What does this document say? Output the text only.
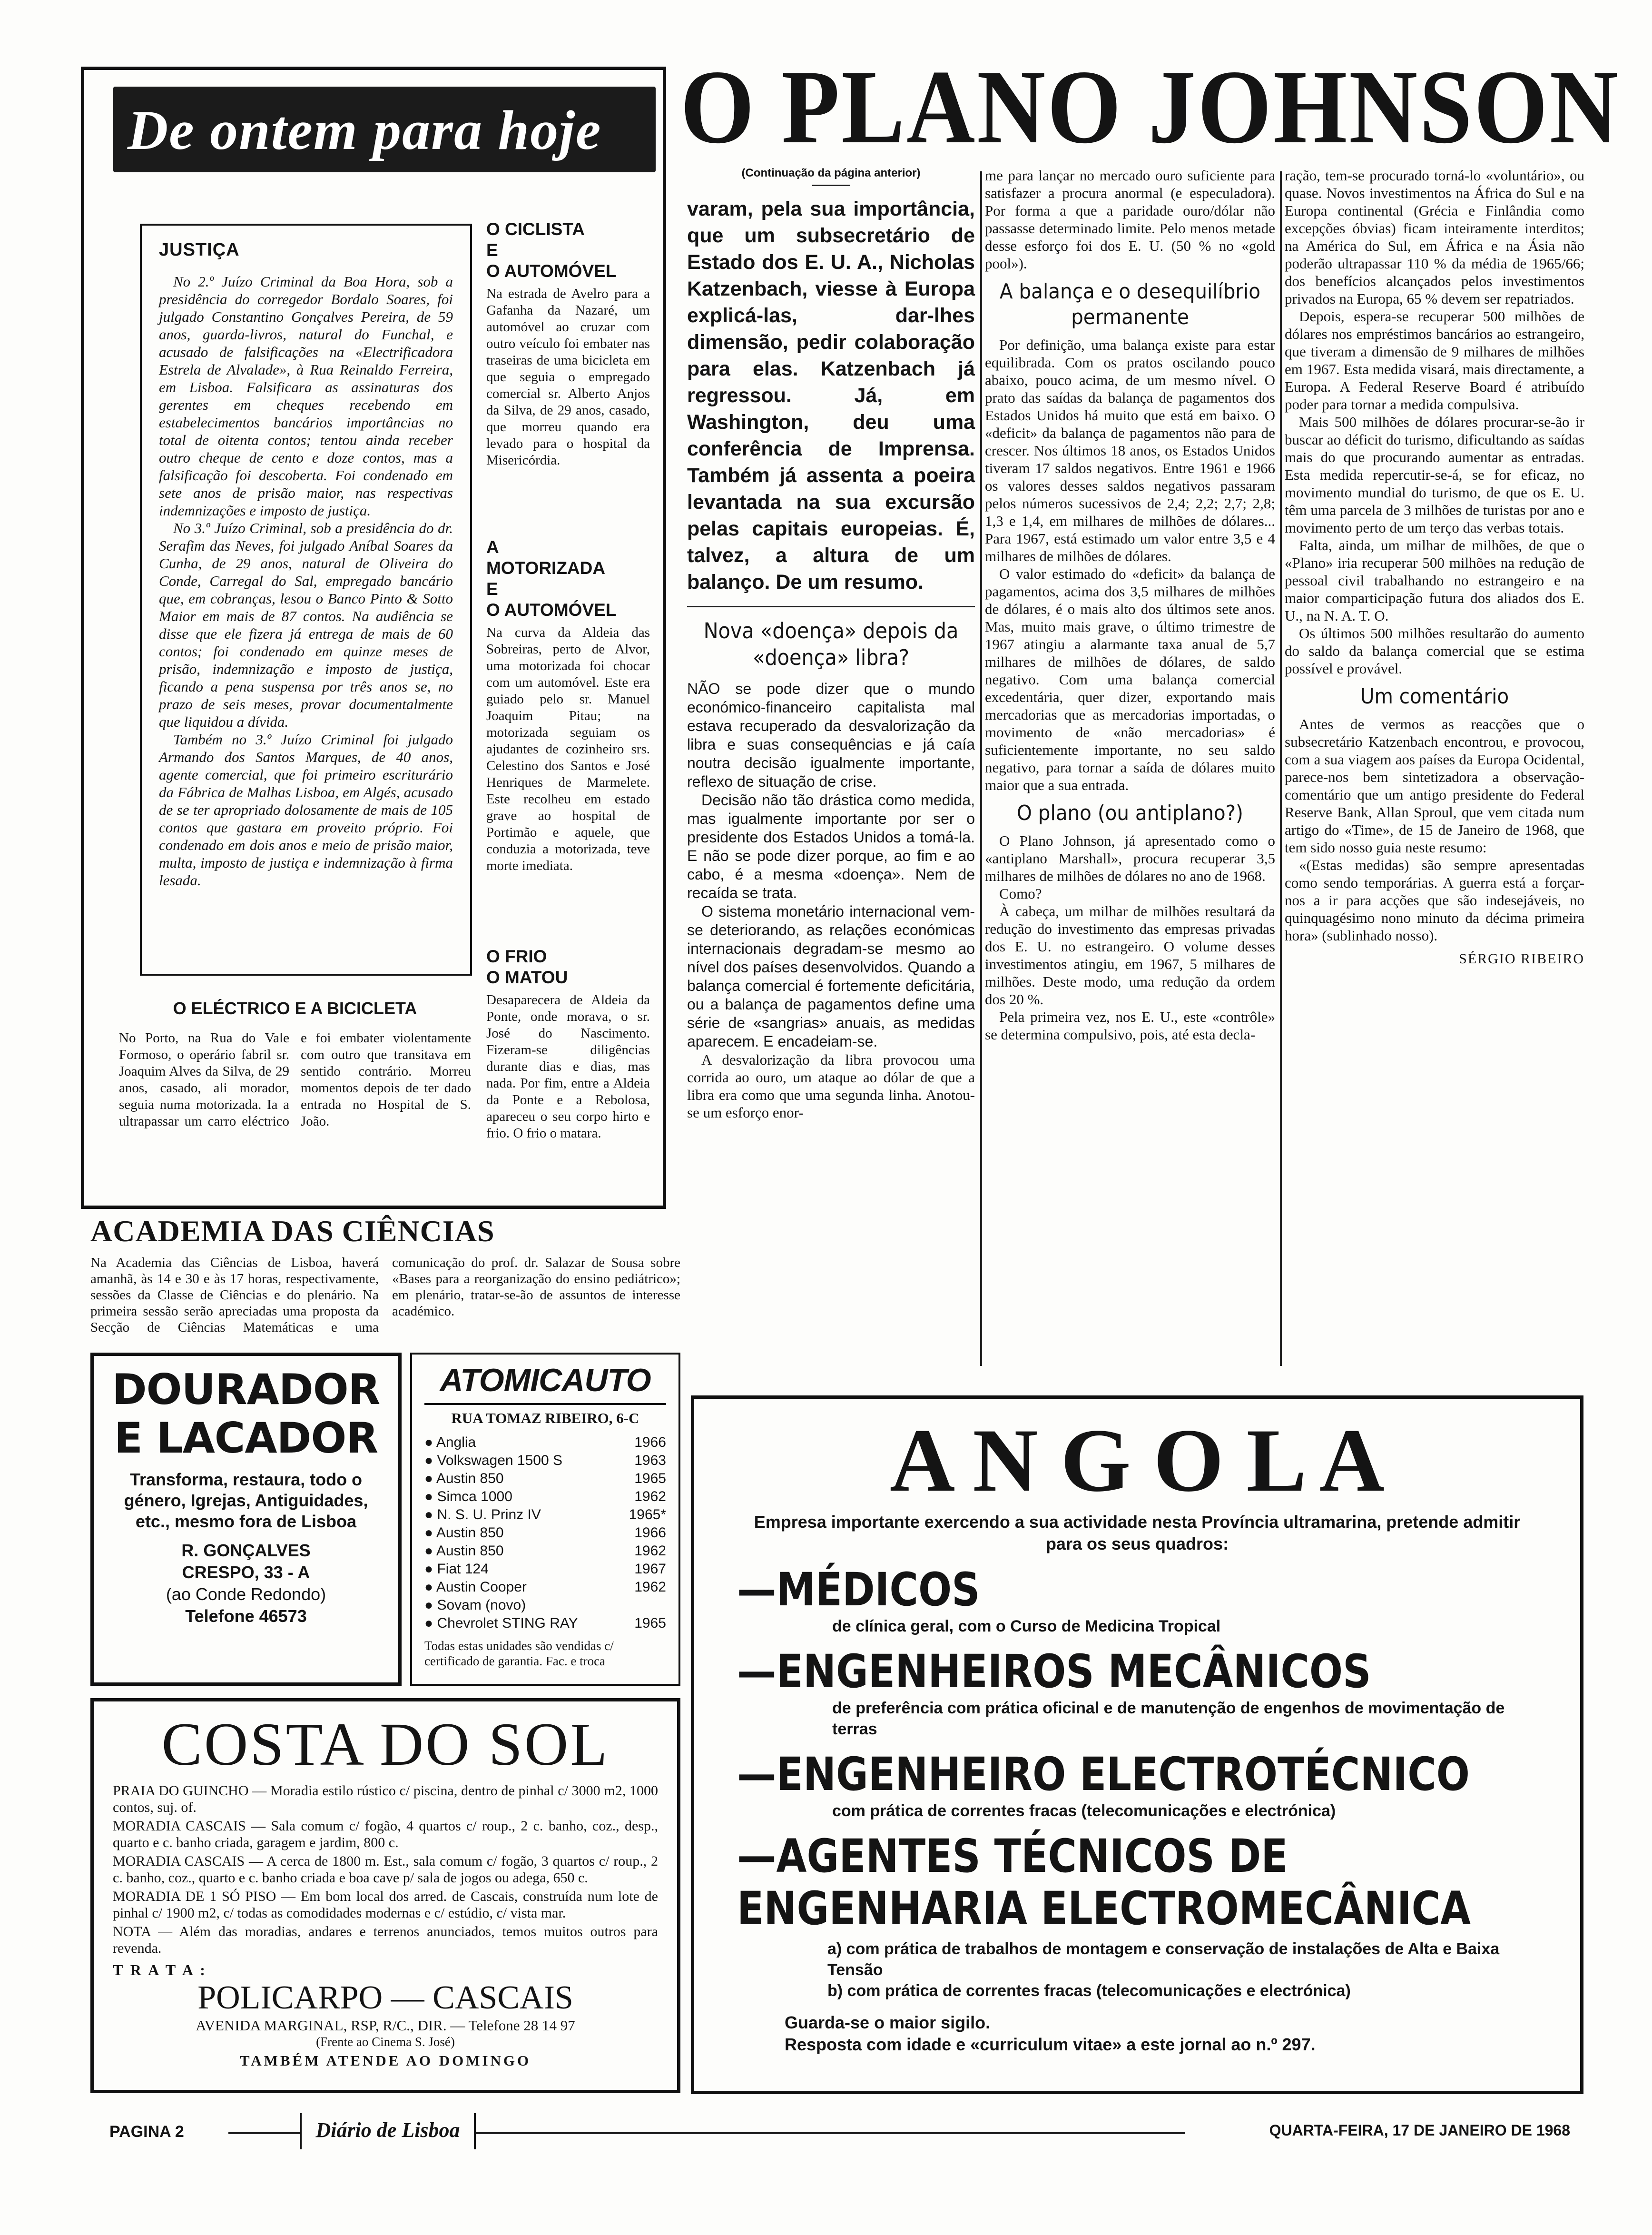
De ontem para hoje
JUSTIÇA

No 2.º Juízo Criminal da Boa Hora, sob a presidência do corregedor Bordalo Soares, foi julgado Constantino Gonçalves Pereira, de 59 anos, guarda-livros, natural do Funchal, e acusado de falsificações na «Electrificadora Estrela de Alvalade», à Rua Reinaldo Ferreira, em Lisboa. Falsificara as assinaturas dos gerentes em cheques recebendo em estabelecimentos bancários importâncias no total de oitenta contos; tentou ainda receber outro cheque de cento e doze contos, mas a falsificação foi descoberta. Foi condenado em sete anos de prisão maior, nas respectivas indemnizações e imposto de justiça.

No 3.º Juízo Criminal, sob a presidência do dr. Serafim das Neves, foi julgado Aníbal Soares da Cunha, de 29 anos, natural de Oliveira do Conde, Carregal do Sal, empregado bancário que, em cobranças, lesou o Banco Pinto & Sotto Maior em mais de 87 contos. Na audiência se disse que ele fizera já entrega de mais de 60 contos; foi condenado em quinze meses de prisão, indemnização e imposto de justiça, ficando a pena suspensa por três anos se, no prazo de seis meses, provar documentalmente que liquidou a dívida.

Também no 3.º Juízo Criminal foi julgado Armando dos Santos Marques, de 40 anos, agente comercial, que foi primeiro escriturário da Fábrica de Malhas Lisboa, em Algés, acusado de se ter apropriado dolosamente de mais de 105 contos que gastara em proveito próprio. Foi condenado em dois anos e meio de prisão maior, multa, imposto de justiça e indemnização à firma lesada.

O CICLISTA
E
O AUTOMÓVEL

Na estrada de Avelro para a Gafanha da Nazaré, um automóvel ao cruzar com outro veículo foi embater nas traseiras de uma bicicleta em que seguia o empregado comercial sr. Alberto Anjos da Silva, de 29 anos, casado, que morreu quando era levado para o hospital da Misericórdia.

A
MOTORIZADA
E
O AUTOMÓVEL

Na curva da Aldeia das Sobreiras, perto de Alvor, uma motorizada foi chocar com um automóvel. Este era guiado pelo sr. Manuel Joaquim Pitau; na motorizada seguiam os ajudantes de cozinheiro srs. Celestino dos Santos e José Henriques de Marmelete. Este recolheu em estado grave ao hospital de Portimão e aquele, que conduzia a motorizada, teve morte imediata.

O FRIO
O MATOU

Desaparecera de Aldeia da Ponte, onde morava, o sr. José do Nascimento. Fizeram-se diligências durante dias e dias, mas nada. Por fim, entre a Aldeia da Ponte e a Rebolosa, apareceu o seu corpo hirto e frio. O frio o matara.

O ELÉCTRICO E A BICICLETA

No Porto, na Rua do Vale Formoso, o operário fabril sr. Joaquim Alves da Silva, de 29 anos, casado, ali morador, seguia numa motorizada. Ia a ultrapassar um carro eléctrico e foi embater violentamente com outro que transitava em sentido contrário. Morreu momentos depois de ter dado entrada no Hospital de S. João.

ACADEMIA DAS CIÊNCIAS

Na Academia das Ciências de Lisboa, haverá amanhã, às 14 e 30 e às 17 horas, respectivamente, sessões da Classe de Ciências e do plenário. Na primeira sessão serão apreciadas uma proposta da Secção de Ciências Matemáticas e uma comunicação do prof. dr. Salazar de Sousa sobre «Bases para a reorganização do ensino pediátrico»; em plenário, tratar-se-ão de assuntos de interesse académico.

DOURADOR
E LACADOR
Transforma, restaura, todo o género, Igrejas, Antiguidades, etc., mesmo fora de Lisboa
R. GONÇALVES
CRESPO, 33 - A
(ao Conde Redondo)
Telefone 46573
ATOMICAUTO
RUA TOMAZ RIBEIRO, 6-C
● Anglia	1966
● Volkswagen 1500 S	1963
● Austin 850	1965
● Simca 1000	1962
● N. S. U. Prinz IV	1965*
● Austin 850	1966
● Austin 850	1962
● Fiat 124	1967
● Austin Cooper	1962
● Sovam (novo)
● Chevrolet STING RAY	1965
Todas estas unidades são vendidas c/ certificado de garantia. Fac. e troca
COSTA DO SOL

PRAIA DO GUINCHO — Moradia estilo rústico c/ piscina, dentro de pinhal c/ 3000 m2, 1000 contos, suj. of.

MORADIA CASCAIS — Sala comum c/ fogão, 4 quartos c/ roup., 2 c. banho, coz., desp., quarto e c. banho criada, garagem e jardim, 800 c.

MORADIA CASCAIS — A cerca de 1800 m. Est., sala comum c/ fogão, 3 quartos c/ roup., 2 c. banho, coz., quarto e c. banho criada e boa cave p/ sala de jogos ou adega, 650 c.

MORADIA DE 1 SÓ PISO — Em bom local dos arred. de Cascais, construída num lote de pinhal c/ 1900 m2, c/ todas as comodidades modernas e c/ estúdio, c/ vista mar.

NOTA — Além das moradias, andares e terrenos anunciados, temos muitos outros para revenda.

T R A T A :
POLICARPO — CASCAIS
AVENIDA MARGINAL, RSP, R/C., DIR. — Telefone 28 14 97
(Frente ao Cinema S. José)
TAMBÉM ATENDE AO DOMINGO
O PLANO JOHNSON
(Continuação da página anterior)

varam, pela sua importância, que um subsecretário de Estado dos E. U. A., Nicholas Katzenbach, viesse à Europa explicá-las, dar-lhes dimensão, pedir colaboração para elas. Katzenbach já regressou. Já, em Washington, deu uma conferência de Imprensa. Também já assenta a poeira levantada na sua excursão pelas capitais europeias. É, talvez, a altura de um balanço. De um resumo.

Nova «doença» depois da «doença» libra?

NÃO se pode dizer que o mundo económico-financeiro capitalista mal estava recuperado da desvalorização da libra e suas consequências e já caía noutra decisão igualmente importante, reflexo de situação de crise.

Decisão não tão drástica como medida, mas igualmente importante por ser o presidente dos Estados Unidos a tomá-la. E não se pode dizer porque, ao fim e ao cabo, é a mesma «doença». Nem de recaída se trata.

O sistema monetário internacional vem-se deteriorando, as relações económicas internacionais degradam-se mesmo ao nível dos países desenvolvidos. Quando a balança comercial é fortemente deficitária, ou a balança de pagamentos define uma série de «sangrias» anuais, as medidas aparecem. E encadeiam-se.

A desvalorização da libra provocou uma corrida ao ouro, um ataque ao dólar de que a libra era como que uma segunda linha. Anotou-se um esforço enor-

me para lançar no mercado ouro suficiente para satisfazer a procura anormal (e especuladora). Por forma a que a paridade ouro/dólar não passasse determinado limite. Pelo menos metade desse esforço foi dos E. U. (50 % no «gold pool»).

A balança e o desequilíbrio permanente

Por definição, uma balança existe para estar equilibrada. Com os pratos oscilando pouco abaixo, pouco acima, de um mesmo nível. O prato das saídas da balança de pagamentos dos Estados Unidos há muito que está em baixo. O «deficit» da balança de pagamentos não para de crescer. Nos últimos 18 anos, os Estados Unidos tiveram 17 saldos negativos. Entre 1961 e 1966 os valores desses saldos negativos passaram pelos números sucessivos de 2,4; 2,2; 2,7; 2,8; 1,3 e 1,4, em milhares de milhões de dólares... Para 1967, está estimado um valor entre 3,5 e 4 milhares de milhões de dólares.

O valor estimado do «deficit» da balança de pagamentos, acima dos 3,5 milhares de milhões de dólares, é o mais alto dos últimos sete anos. Mas, muito mais grave, o último trimestre de 1967 atingiu a alarmante taxa anual de 5,7 milhares de milhões de dólares, de saldo negativo. Com uma balança comercial excedentária, quer dizer, exportando mais mercadorias que as mercadorias importadas, o movimento de «não mercadorias» é suficientemente importante, no seu saldo negativo, para tornar a saída de dólares muito maior que a sua entrada.

O plano (ou antiplano?)

O Plano Johnson, já apresentado como o «antiplano Marshall», procura recuperar 3,5 milhares de milhões de dólares no ano de 1968.

Como?

À cabeça, um milhar de milhões resultará da redução do investimento das empresas privadas dos E. U. no estrangeiro. O volume desses investimentos atingiu, em 1967, 5 milhares de milhões. Deste modo, uma redução da ordem dos 20 %.

Pela primeira vez, nos E. U., este «contrôle» se determina compulsivo, pois, até esta decla-

ração, tem-se procurado torná-lo «voluntário», ou quase. Novos investimentos na África do Sul e na Europa continental (Grécia e Finlândia como excepções óbvias) ficam inteiramente interditos; na América do Sul, em África e na Ásia não poderão ultrapassar 110 % da média de 1965/66; dos benefícios alcançados pelos investimentos privados na Europa, 65 % devem ser repatriados.

Depois, espera-se recuperar 500 milhões de dólares nos empréstimos bancários ao estrangeiro, que tiveram a dimensão de 9 milhares de milhões em 1967. Esta medida visará, mais directamente, a Europa. A Federal Reserve Board é atribuído poder para tornar a medida compulsiva.

Mais 500 milhões de dólares procurar-se-ão ir buscar ao déficit do turismo, dificultando as saídas mais do que procurando aumentar as entradas. Esta medida repercutir-se-á, se for eficaz, no movimento mundial do turismo, de que os E. U. têm uma parcela de 3 milhões de turistas por ano e movimento perto de um terço das verbas totais.

Falta, ainda, um milhar de milhões, de que o «Plano» iria recuperar 500 milhões na redução de pessoal civil trabalhando no estrangeiro e na maior comparticipação futura dos aliados dos E. U., na N. A. T. O.

Os últimos 500 milhões resultarão do aumento do saldo da balança comercial que se estima possível e provável.

Um comentário

Antes de vermos as reacções que o subsecretário Katzenbach encontrou, e provocou, com a sua viagem aos países da Europa Ocidental, parece-nos bem sintetizadora a observação-comentário que um antigo presidente do Federal Reserve Bank, Allan Sproul, que vem citada num artigo do «Time», de 15 de Janeiro de 1968, que tem sido nosso guia neste resumo:

«(Estas medidas) são sempre apresentadas como sendo temporárias. A guerra está a forçar-nos a ir para acções que são indesejáveis, no quinquagésimo nono minuto da décima primeira hora» (sublinhado nosso).

SÉRGIO RIBEIRO
A N G O L A
Empresa importante exercendo a sua actividade nesta Província ultramarina, pretende admitir para os seus quadros:
—MÉDICOS
de clínica geral, com o Curso de Medicina Tropical
—ENGENHEIROS MECÂNICOS
de preferência com prática oficinal e de manutenção de engenhos de movimentação de terras
—ENGENHEIRO ELECTROTÉCNICO
com prática de correntes fracas (telecomunicações e electrónica)
—AGENTES TÉCNICOS DE ENGENHARIA ELECTROMECÂNICA
a) com prática de trabalhos de montagem e conservação de instalações de Alta e Baixa Tensão
b) com prática de correntes fracas (telecomunicações e electrónica)
Guarda-se o maior sigilo.
Resposta com idade e «curriculum vitae» a este jornal ao n.º 297.
PAGINA 2	Diário de Lisboa	QUARTA-FEIRA, 17 DE JANEIRO DE 1968
